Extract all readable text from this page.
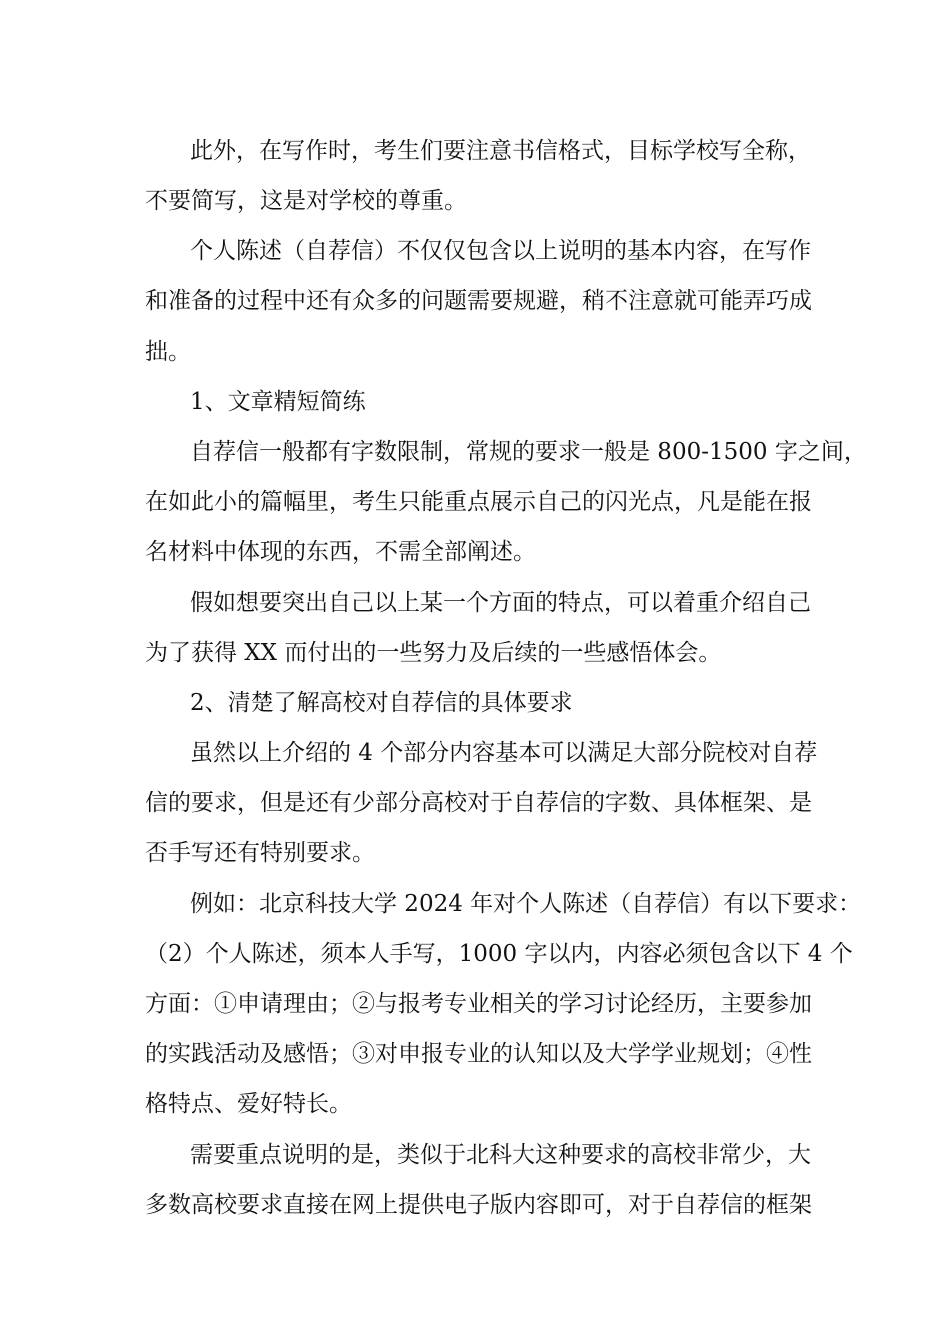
此外，在写作时，考生们要注意书信格式，目标学校写全称，
不要简写，这是对学校的尊重。
个人陈述（自荐信）不仅仅包含以上说明的基本内容，在写作
和准备的过程中还有众多的问题需要规避，稍不注意就可能弄巧成
拙。
1、文章精短简练
自荐信一般都有字数限制，常规的要求一般是 800-1500 字之间，
在如此小的篇幅里，考生只能重点展示自己的闪光点，凡是能在报
名材料中体现的东西，不需全部阐述。
假如想要突出自己以上某一个方面的特点，可以着重介绍自己
为了获得 XX 而付出的一些努力及后续的一些感悟体会。
2、清楚了解高校对自荐信的具体要求
虽然以上介绍的 4 个部分内容基本可以满足大部分院校对自荐
信的要求，但是还有少部分高校对于自荐信的字数、具体框架、是
否手写还有特别要求。
例如：北京科技大学 2024 年对个人陈述（自荐信）有以下要求：
（2）个人陈述，须本人手写，1000 字以内，内容必须包含以下 4 个
方面：①申请理由；②与报考专业相关的学习讨论经历，主要参加
的实践活动及感悟；③对申报专业的认知以及大学学业规划；④性
格特点、爱好特长。
需要重点说明的是，类似于北科大这种要求的高校非常少，大
多数高校要求直接在网上提供电子版内容即可，对于自荐信的框架
